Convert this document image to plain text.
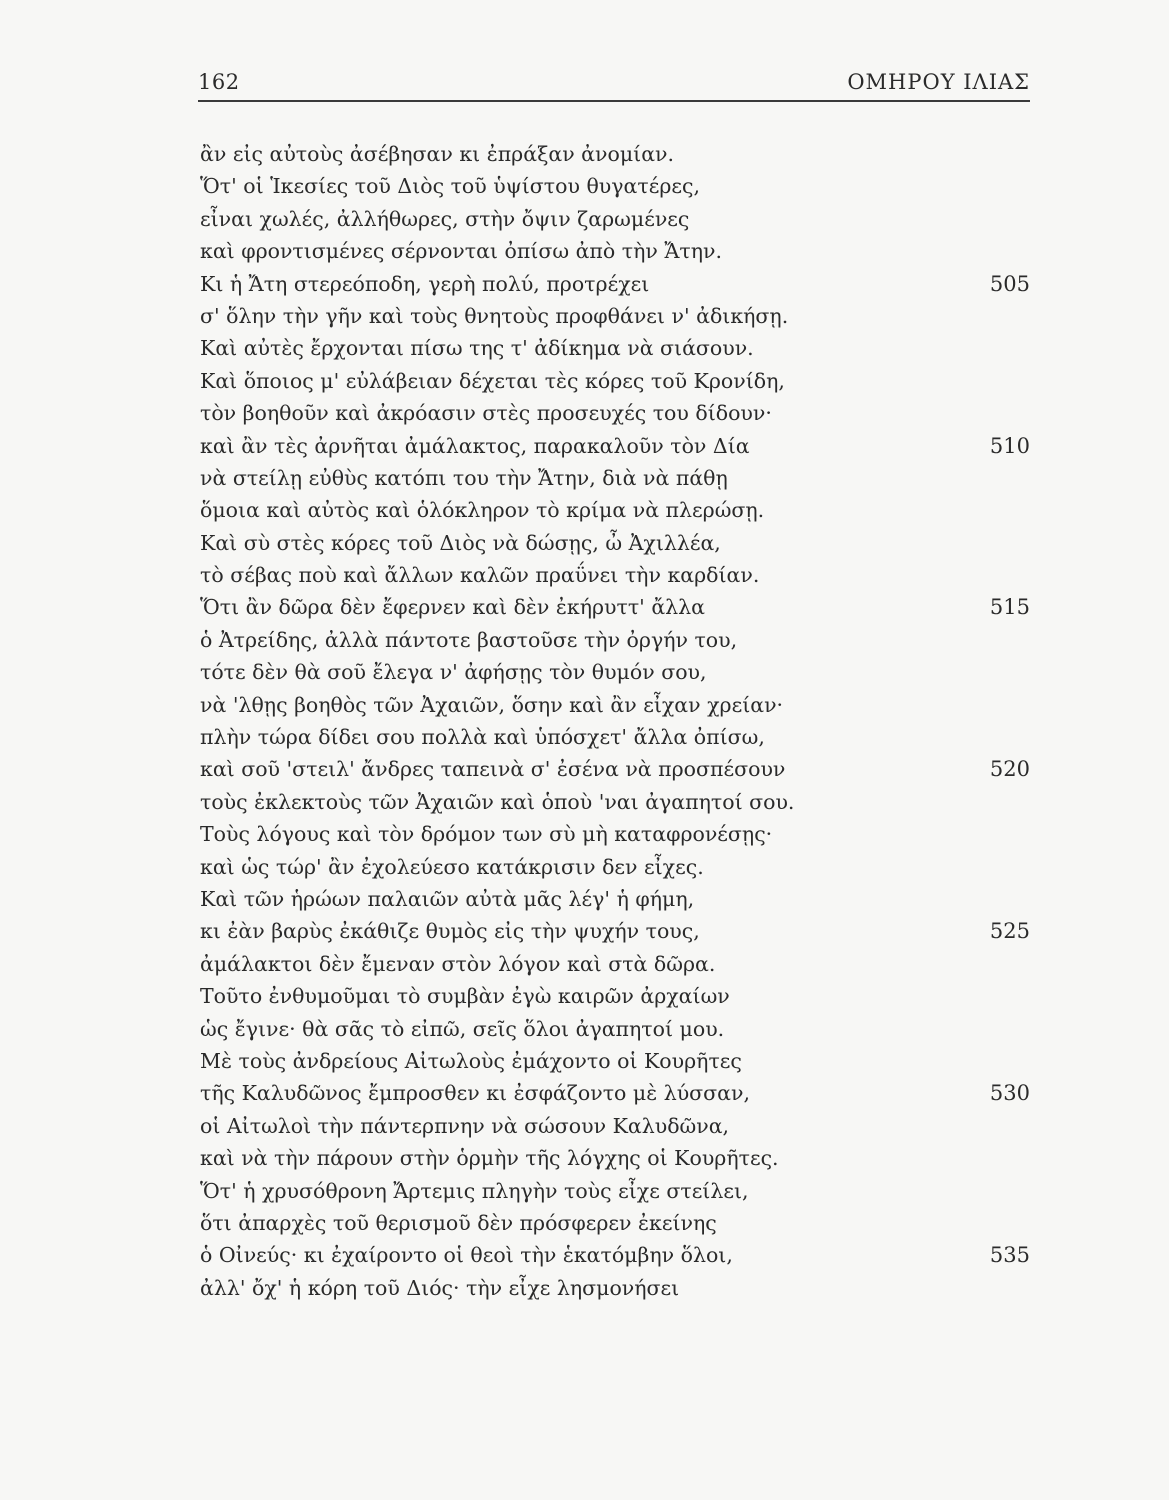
162	ΟΜΗΡΟΥ ΙΛΙΑΣ
ἂν εἰς αὐτοὺς ἀσέβησαν κι ἐπράξαν ἀνομίαν.
Ὅτ' οἱ Ἱκεσίες τοῦ Διὸς τοῦ ὑψίστου θυγατέρες,
εἶναι χωλές, ἀλλήθωρες, στὴν ὄψιν ζαρωμένες
καὶ φροντισμένες σέρνονται ὀπίσω ἀπὸ τὴν Ἄτην.
Κι ἡ Ἄτη στερεόποδη, γερὴ πολύ, προτρέχει	505
σ' ὅλην τὴν γῆν καὶ τοὺς θνητοὺς προφθάνει ν' ἀδικήσῃ.
Καὶ αὐτὲς ἔρχονται πίσω της τ' ἀδίκημα νὰ σιάσουν.
Καὶ ὅποιος μ' εὐλάβειαν δέχεται τὲς κόρες τοῦ Κρονίδη,
τὸν βοηθοῦν καὶ ἀκρόασιν στὲς προσευχές του δίδουν·
καὶ ἂν τὲς ἀρνῆται ἀμάλακτος, παρακαλοῦν τὸν Δία	510
νὰ στείλῃ εὐθὺς κατόπι του τὴν Ἄτην, διὰ νὰ πάθῃ
ὅμοια καὶ αὐτὸς καὶ ὁλόκληρον τὸ κρίμα νὰ πλερώσῃ.
Καὶ σὺ στὲς κόρες τοῦ Διὸς νὰ δώσῃς, ὦ Ἀχιλλέα,
τὸ σέβας ποὺ καὶ ἄλλων καλῶν πραΰνει τὴν καρδίαν.
Ὅτι ἂν δῶρα δὲν ἔφερνεν καὶ δὲν ἐκήρυττ' ἄλλα	515
ὁ Ἀτρείδης, ἀλλὰ πάντοτε βαστοῦσε τὴν ὀργήν του,
τότε δὲν θὰ σοῦ ἔλεγα ν' ἀφήσῃς τὸν θυμόν σου,
νὰ 'λθῃς βοηθὸς τῶν Ἀχαιῶν, ὅσην καὶ ἂν εἶχαν χρείαν·
πλὴν τώρα δίδει σου πολλὰ καὶ ὑπόσχετ' ἄλλα ὀπίσω,
καὶ σοῦ 'στειλ' ἄνδρες ταπεινὰ σ' ἐσένα νὰ προσπέσουν	520
τοὺς ἐκλεκτοὺς τῶν Ἀχαιῶν καὶ ὁποὺ 'ναι ἀγαπητοί σου.
Τοὺς λόγους καὶ τὸν δρόμον των σὺ μὴ καταφρονέσῃς·
καὶ ὡς τώρ' ἂν ἐχολεύεσο κατάκρισιν δεν εἶχες.
Καὶ τῶν ἡρώων παλαιῶν αὐτὰ μᾶς λέγ' ἡ φήμη,
κι ἐὰν βαρὺς ἐκάθιζε θυμὸς εἰς τὴν ψυχήν τους,	525
ἀμάλακτοι δὲν ἔμεναν στὸν λόγον καὶ στὰ δῶρα.
Τοῦτο ἐνθυμοῦμαι τὸ συμβὰν ἐγὼ καιρῶν ἀρχαίων
ὡς ἔγινε· θὰ σᾶς τὸ εἰπῶ, σεῖς ὅλοι ἀγαπητοί μου.
Μὲ τοὺς ἀνδρείους Αἰτωλοὺς ἐμάχοντο οἱ Κουρῆτες
τῆς Καλυδῶνος ἔμπροσθεν κι ἐσφάζοντο μὲ λύσσαν,	530
οἱ Αἰτωλοὶ τὴν πάντερπνην νὰ σώσουν Καλυδῶνα,
καὶ νὰ τὴν πάρουν στὴν ὁρμὴν τῆς λόγχης οἱ Κουρῆτες.
Ὅτ' ἡ χρυσόθρονη Ἄρτεμις πληγὴν τοὺς εἶχε στείλει,
ὅτι ἀπαρχὲς τοῦ θερισμοῦ δὲν πρόσφερεν ἐκείνης
ὁ Οἰνεύς· κι ἐχαίροντο οἱ θεοὶ τὴν ἑκατόμβην ὅλοι,	535
ἀλλ' ὄχ' ἡ κόρη τοῦ Διός· τὴν εἶχε λησμονήσει
